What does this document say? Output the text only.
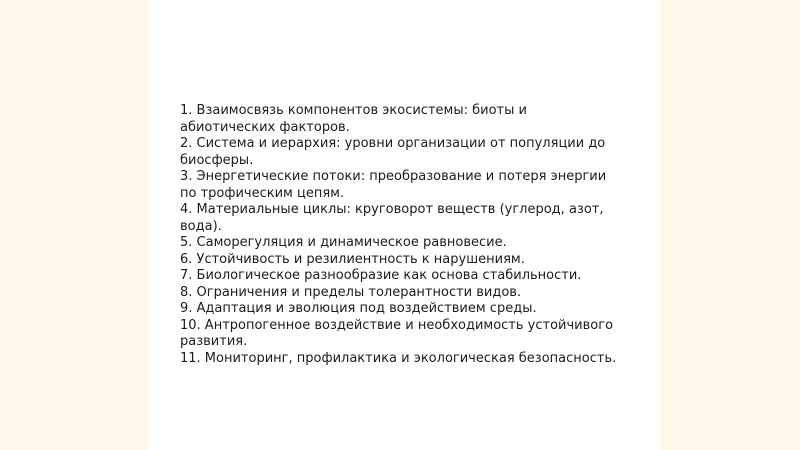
1. Взаимосвязь компонентов экосистемы: биоты и абиотических факторов.
2. Система и иерархия: уровни организации от популяции до биосферы.
3. Энергетические потоки: преобразование и потеря энергии по трофическим цепям.
4. Материальные циклы: круговорот веществ (углерод, азот, вода).
5. Саморегуляция и динамическое равновесие.
6. Устойчивость и резилиентность к нарушениям.
7. Биологическое разнообразие как основа стабильности.
8. Ограничения и пределы толерантности видов.
9. Адаптация и эволюция под воздействием среды.
10. Антропогенное воздействие и необходимость устойчивого развития.
11. Мониторинг, профилактика и экологическая безопасность.
